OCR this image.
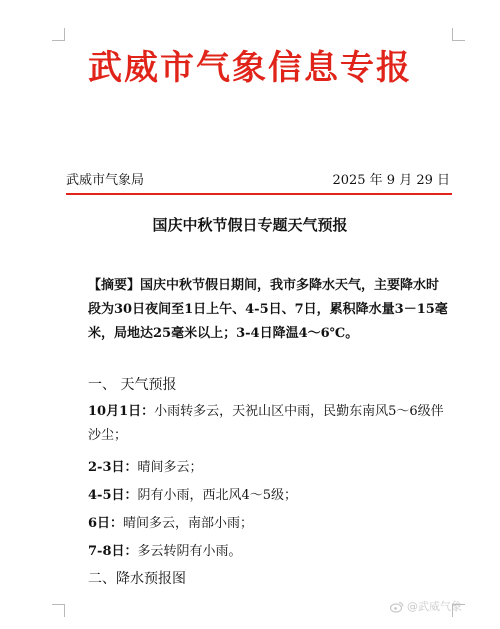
武威市气象信息专报
武威市气象局	2025 年 9 月 29 日
国庆中秋节假日专题天气预报
【摘要】国庆中秋节假日期间，我市多降水天气，主要降水时段为30日夜间至1日上午、4-5日、7日，累积降水量3－15毫米，局地达25毫米以上；3-4日降温4～6℃。
一、 天气预报
10月1日：小雨转多云，天祝山区中雨，民勤东南风5～6级伴沙尘；
2-3日：晴间多云；
4-5日：阴有小雨，西北风4～5级；
6日：晴间多云，南部小雨；
7-8日：多云转阴有小雨。
二、降水预报图
@武威气象
